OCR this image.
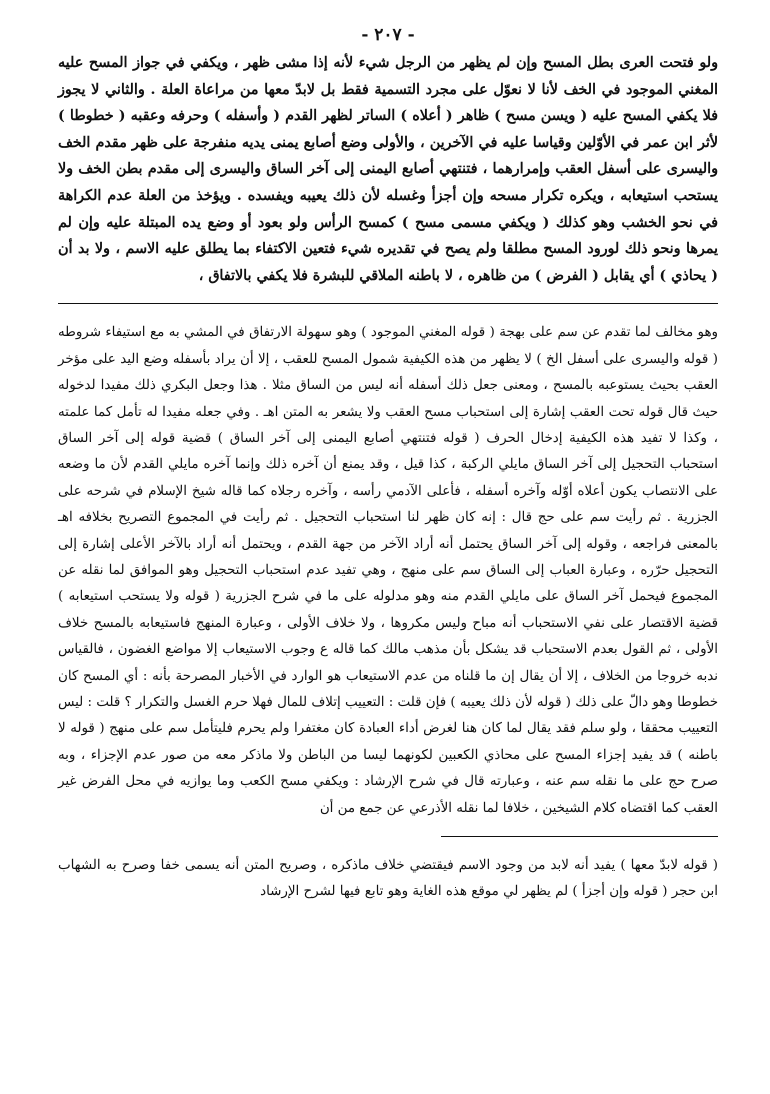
- ٢٠٧ -

ولو فتحت العرى بطل المسح وإن لم يظهر من الرجل شيء لأنه إذا مشى ظهر ، ويكفي في جواز المسح عليه المغني الموجود في الخف لأنا لا نعوّل على مجرد التسمية فقط بل لابدّ معها من مراعاة العلة . والثاني لا يجوز فلا يكفي المسح عليه ( ويسن مسح ) ظاهر ( أعلاه ) الساتر لظهر القدم ( وأسفله ) وحرفه وعقبه ( خطوطا ) لأثر ابن عمر في الأوّلين وقياسا عليه في الآخرين ، والأولى وضع أصابع يمنى يديه منفرجة على ظهر مقدم الخف واليسرى على أسفل العقب وإمرارهما ، فتنتهي أصابع اليمنى إلى آخر الساق واليسرى إلى مقدم بطن الخف ولا يستحب استيعابه ، ويكره تكرار مسحه وإن أجزأ وغسله لأن ذلك يعيبه ويفسده . ويؤخذ من العلة عدم الكراهة في نحو الخشب وهو كذلك ( ويكفي مسمى مسح ) كمسح الرأس ولو بعود أو وضع يده المبتلة عليه وإن لم يمرها ونحو ذلك لورود المسح مطلقا ولم يصح في تقديره شيء فتعين الاكتفاء بما يطلق عليه الاسم ، ولا بد أن ( يحاذي ) أي يقابل ( الفرض ) من ظاهره ، لا باطنه الملاقي للبشرة فلا يكفي بالاتفاق ،

وهو مخالف لما تقدم عن سم على بهجة ( قوله المغني الموجود ) وهو سهولة الارتفاق في المشي به مع استيفاء شروطه ( قوله واليسرى على أسفل الخ ) لا يظهر من هذه الكيفية شمول المسح للعقب ، إلا أن يراد بأسفله وضع اليد على مؤخر العقب بحيث يستوعبه بالمسح ، ومعنى جعل ذلك أسفله أنه ليس من الساق مثلا . هذا وجعل البكري ذلك مفيدا لدخوله حيث قال قوله تحت العقب إشارة إلى استحباب مسح العقب ولا يشعر به المتن اهـ . وفي جعله مفيدا له تأمل كما علمته ، وكذا لا تفيد هذه الكيفية إدخال الحرف ( قوله فتنتهي أصابع اليمنى إلى آخر الساق ) قضية قوله إلى آخر الساق استحباب التحجيل إلى آخر الساق مايلي الركبة ، كذا قيل ، وقد يمنع أن آخره ذلك وإنما آخره مايلي القدم لأن ما وضعه على الانتصاب يكون أعلاه أوّله وآخره أسفله ، فأعلى الآدمي رأسه ، وآخره رجلاه كما قاله شيخ الإسلام في شرحه على الجزرية . ثم رأيت سم على حج قال : إنه كان ظهر لنا استحباب التحجيل . ثم رأيت في المجموع التصريح بخلافه اهـ بالمعنى فراجعه ، وقوله إلى آخر الساق يحتمل أنه أراد الآخر من جهة القدم ، ويحتمل أنه أراد بالآخر الأعلى إشارة إلى التحجيل حرّره ، وعبارة العباب إلى الساق سم على منهج ، وهي تفيد عدم استحباب التحجيل وهو الموافق لما نقله عن المجموع فيحمل آخر الساق على مايلي القدم منه وهو مدلوله على ما في شرح الجزرية ( قوله ولا يستحب استيعابه ) قضية الاقتصار على نفي الاستحباب أنه مباح وليس مكروها ، ولا خلاف الأولى ، وعبارة المنهج فاستيعابه بالمسح خلاف الأولى ، ثم القول بعدم الاستحباب قد يشكل بأن مذهب مالك كما قاله ع وجوب الاستيعاب إلا مواضع الغضون ، فالقياس ندبه خروجا من الخلاف ، إلا أن يقال إن ما قلناه من عدم الاستيعاب هو الوارد في الأخبار المصرحة بأنه : أي المسح كان خطوطا وهو دالّ على ذلك ( قوله لأن ذلك يعيبه ) فإن قلت : التعييب إتلاف للمال فهلا حرم الغسل والتكرار ؟ قلت : ليس التعييب محققا ، ولو سلم فقد يقال لما كان هنا لغرض أداء العبادة كان مغتفرا ولم يحرم فليتأمل سم على منهج ( قوله لا باطنه ) قد يفيد إجزاء المسح على محاذي الكعبين لكونهما ليسا من الباطن ولا ماذكر معه من صور عدم الإجزاء ، وبه صرح حج على ما نقله سم عنه ، وعبارته قال في شرح الإرشاد : ويكفي مسح الكعب وما يوازيه في محل الفرض غير العقب كما اقتضاه كلام الشيخين ، خلافا لما نقله الأذرعي عن جمع من أن

( قوله لابدّ معها ) يفيد أنه لابد من وجود الاسم فيقتضي خلاف ماذكره ، وصريح المتن أنه يسمى خفا وصرح به الشهاب ابن حجر ( قوله وإن أجزأ ) لم يظهر لي موقع هذه الغاية وهو تابع فيها لشرح الإرشاد
